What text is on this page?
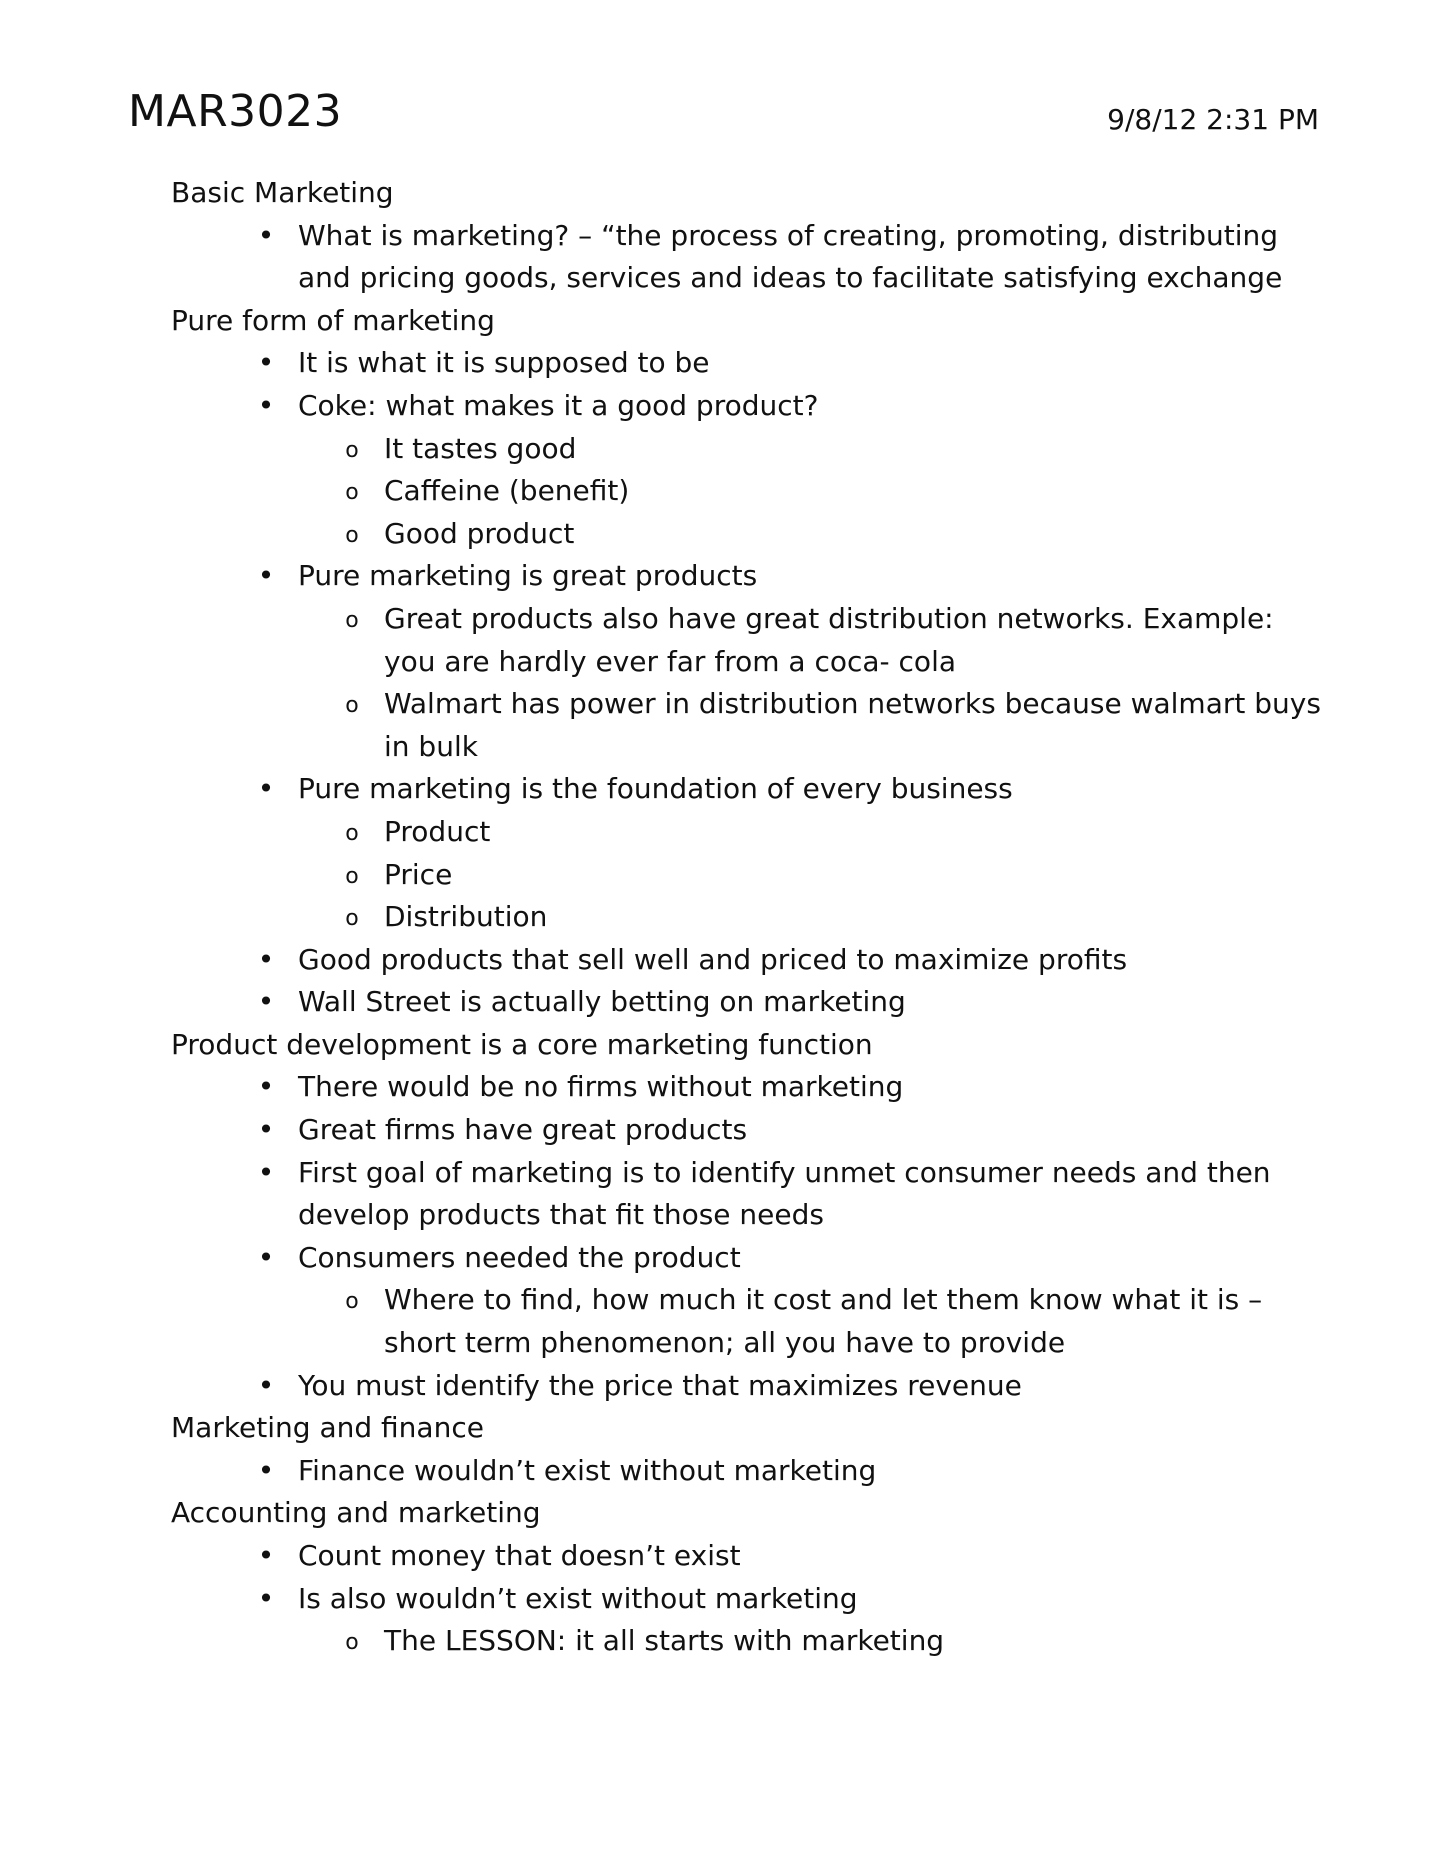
MAR3023	9/8/12 2:31 PM
Basic Marketing
• What is marketing? – “the process of creating, promoting, distributing and pricing goods, services and ideas to facilitate satisfying exchange
Pure form of marketing
• It is what it is supposed to be
• Coke: what makes it a good product?
o It tastes good
o Caffeine (benefit)
o Good product
• Pure marketing is great products
o Great products also have great distribution networks. Example: you are hardly ever far from a coca- cola
o Walmart has power in distribution networks because walmart buys in bulk
• Pure marketing is the foundation of every business
o Product
o Price
o Distribution
• Good products that sell well and priced to maximize profits
• Wall Street is actually betting on marketing
Product development is a core marketing function
• There would be no firms without marketing
• Great firms have great products
• First goal of marketing is to identify unmet consumer needs and then develop products that fit those needs
• Consumers needed the product
o Where to find, how much it cost and let them know what it is – short term phenomenon; all you have to provide
• You must identify the price that maximizes revenue
Marketing and finance
• Finance wouldn’t exist without marketing
Accounting and marketing
• Count money that doesn’t exist
• Is also wouldn’t exist without marketing
o The LESSON: it all starts with marketing
